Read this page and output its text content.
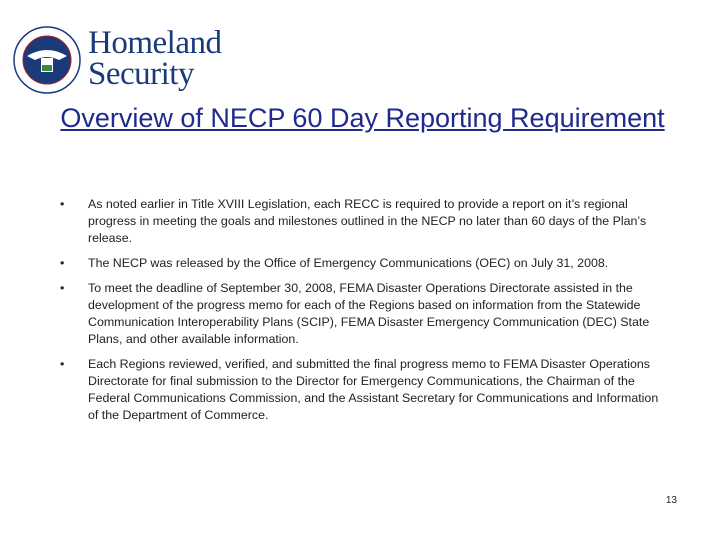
Homeland
Security
Overview of NECP 60 Day Reporting Requirement
• As noted earlier in Title XVIII Legislation, each RECC is required to provide a report on it’s regional progress in meeting the goals and milestones outlined in the NECP no later than 60 days of the Plan’s release.
• The NECP was released by the Office of Emergency Communications (OEC) on July 31, 2008.
• To meet the deadline of September 30, 2008, FEMA Disaster Operations Directorate assisted in the development of the progress memo for each of the Regions based on information from the Statewide Communication Interoperability Plans (SCIP), FEMA Disaster Emergency Communication (DEC) State Plans, and other available information.
• Each Regions reviewed, verified, and submitted the final progress memo to FEMA Disaster Operations Directorate for final submission to the Director for Emergency Communications, the Chairman of the Federal Communications Commission, and the Assistant Secretary for Communications and Information of the Department of Commerce.
13
